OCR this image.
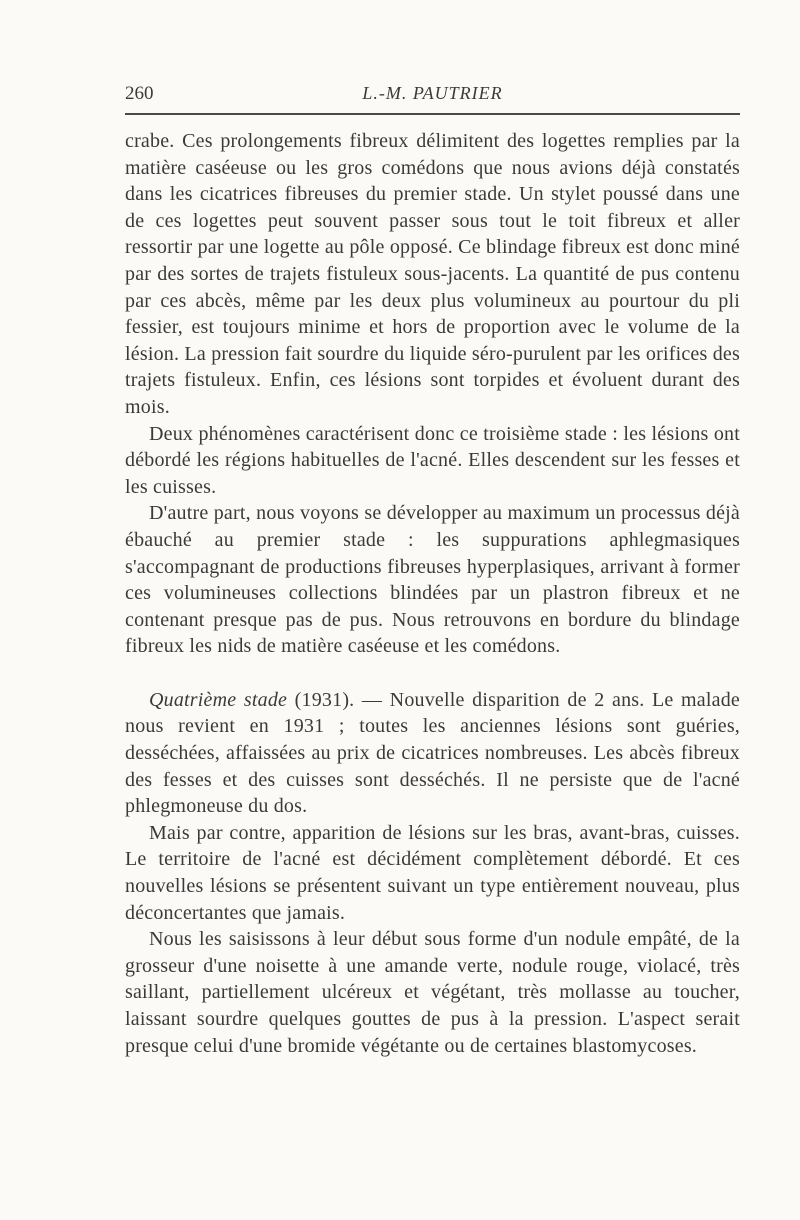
260	L.-M. PAUTRIER

crabe. Ces prolongements fibreux délimitent des logettes remplies par la matière caséeuse ou les gros comédons que nous avions déjà constatés dans les cicatrices fibreuses du premier stade. Un stylet poussé dans une de ces logettes peut souvent passer sous tout le toit fibreux et aller ressortir par une logette au pôle opposé. Ce blindage fibreux est donc miné par des sortes de trajets fistuleux sous-jacents. La quantité de pus contenu par ces abcès, même par les deux plus volumineux au pourtour du pli fessier, est toujours minime et hors de proportion avec le volume de la lésion. La pression fait sourdre du liquide séro-purulent par les orifices des trajets fistuleux. Enfin, ces lésions sont torpides et évoluent durant des mois.

Deux phénomènes caractérisent donc ce troisième stade : les lésions ont débordé les régions habituelles de l'acné. Elles descendent sur les fesses et les cuisses.

D'autre part, nous voyons se développer au maximum un processus déjà ébauché au premier stade : les suppurations aphlegmasiques s'accompagnant de productions fibreuses hyperplasiques, arrivant à former ces volumineuses collections blindées par un plastron fibreux et ne contenant presque pas de pus. Nous retrouvons en bordure du blindage fibreux les nids de matière caséeuse et les comédons.

Quatrième stade (1931). — Nouvelle disparition de 2 ans. Le malade nous revient en 1931 ; toutes les anciennes lésions sont guéries, desséchées, affaissées au prix de cicatrices nombreuses. Les abcès fibreux des fesses et des cuisses sont desséchés. Il ne persiste que de l'acné phlegmoneuse du dos.

Mais par contre, apparition de lésions sur les bras, avant-bras, cuisses. Le territoire de l'acné est décidément complètement débordé. Et ces nouvelles lésions se présentent suivant un type entièrement nouveau, plus déconcertantes que jamais.

Nous les saisissons à leur début sous forme d'un nodule empâté, de la grosseur d'une noisette à une amande verte, nodule rouge, violacé, très saillant, partiellement ulcéreux et végétant, très mollasse au toucher, laissant sourdre quelques gouttes de pus à la pression. L'aspect serait presque celui d'une bromide végétante ou de certaines blastomycoses.
